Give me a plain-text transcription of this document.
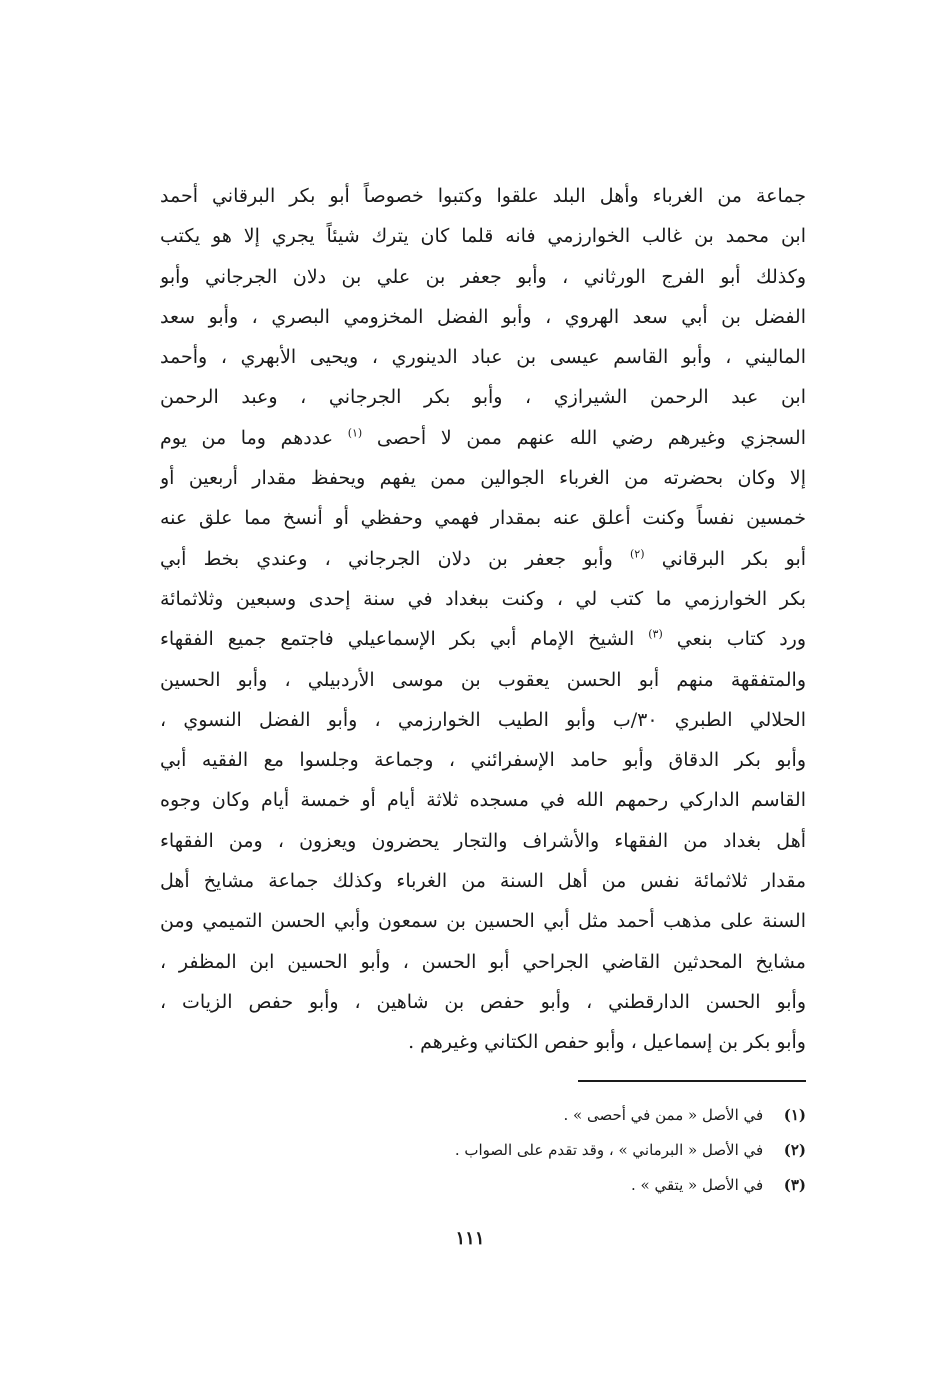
جماعة من الغرباء وأهل البلد علقوا وكتبوا خصوصاً أبو بكر البرقاني أحمد
ابن محمد بن غالب الخوارزمي فانه قلما كان يترك شيئاً يجري إلا هو يكتب
وكذلك أبو الفرج الورثاني ، وأبو جعفر بن علي بن دلان الجرجاني وأبو
الفضل بن أبي سعد الهروي ، وأبو الفضل المخزومي البصري ، وأبو سعد
الماليني ، وأبو القاسم عيسى بن عباد الدينوري ، ويحيى الأبهري ، وأحمد
ابن عبد الرحمن الشيرازي ، وأبو بكر الجرجاني ، وعبد الرحمن
السجزي وغيرهم رضي الله عنهم ممن لا أحصى $^{(١)}$ عددهم وما من يوم
إلا وكان بحضرته من الغرباء الجوالين ممن يفهم ويحفظ مقدار أربعين أو
خمسين نفساً وكنت أعلق عنه بمقدار فهمي وحفظي أو أنسخ مما علق عنه
أبو بكر البرقاني $^{(٢)}$ وأبو جعفر بن دلان الجرجاني ، وعندي بخط أبي
بكر الخوارزمي ما كتب لي ، وكنت ببغداد في سنة إحدى وسبعين وثلاثمائة
ورد كتاب بنعي $^{(٣)}$ الشيخ الإمام أبي بكر الإسماعيلي فاجتمع جميع الفقهاء
والمتفقهة منهم أبو الحسن يعقوب بن موسى الأردبيلي ، وأبو الحسين
الحلالي الطبري ٣٠/ب وأبو الطيب الخوارزمي ، وأبو الفضل النسوي ،
وأبو بكر الدقاق وأبو حامد الإسفرائني ، وجماعة وجلسوا مع الفقيه أبي
القاسم الداركي رحمهم الله في مسجده ثلاثة أيام أو خمسة أيام وكان وجوه
أهل بغداد من الفقهاء والأشراف والتجار يحضرون ويعزون ، ومن الفقهاء
مقدار ثلاثمائة نفس من أهل السنة من الغرباء وكذلك جماعة مشايخ أهل
السنة على مذهب أحمد مثل أبي الحسين بن سمعون وأبي الحسن التميمي ومن
مشايخ المحدثين القاضي الجراحي أبو الحسن ، وأبو الحسين ابن المظفر ،
وأبو الحسن الدارقطني ، وأبو حفص بن شاهين ، وأبو حفص الزيات ،
وأبو بكر بن إسماعيل ، وأبو حفص الكتاني وغيرهم .
(١) في الأصل « ممن في أحصى » .
(٢) في الأصل « البرماني » ، وقد تقدم على الصواب .
(٣) في الأصل « يتقي » .
١١١
